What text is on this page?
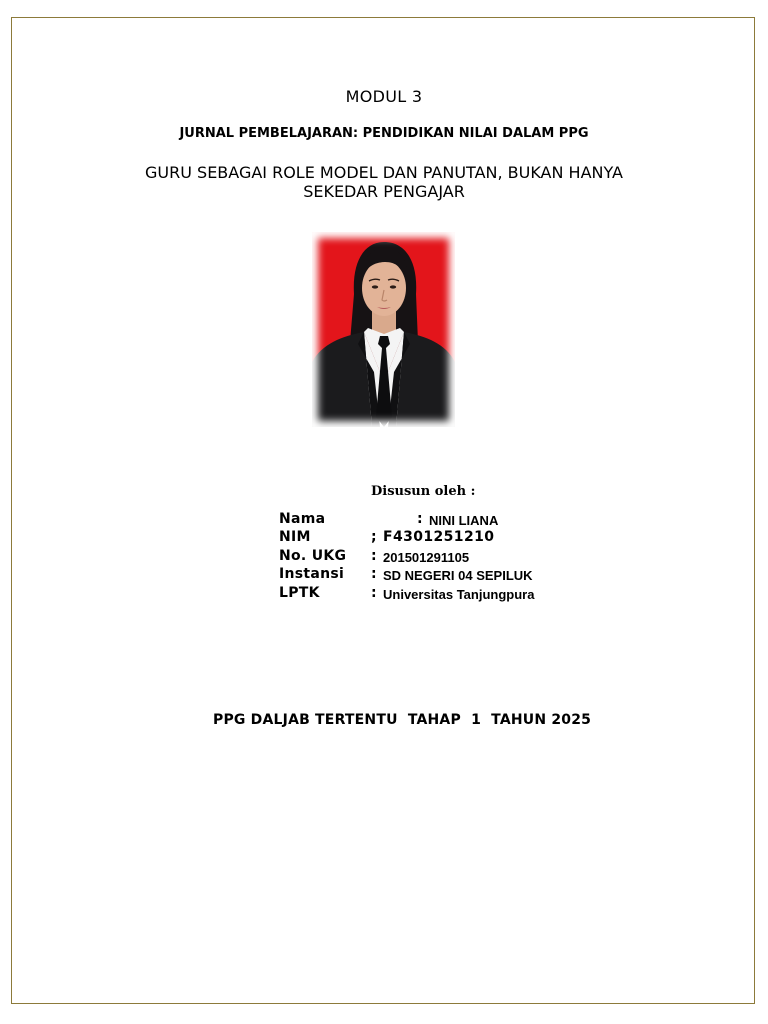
MODUL 3
JURNAL PEMBELAJARAN: PENDIDIKAN NILAI DALAM PPG
GURU SEBAGAI ROLE MODEL DAN PANUTAN, BUKAN HANYA
SEKEDAR PENGAJAR
Disusun oleh :
Nama	: NINI LIANA
NIM	; F4301251210
No. UKG : 201501291105
Instansi : SD NEGERI 04 SEPILUK
LPTK	: Universitas Tanjungpura
PPG DALJAB TERTENTU  TAHAP  1  TAHUN 2025
